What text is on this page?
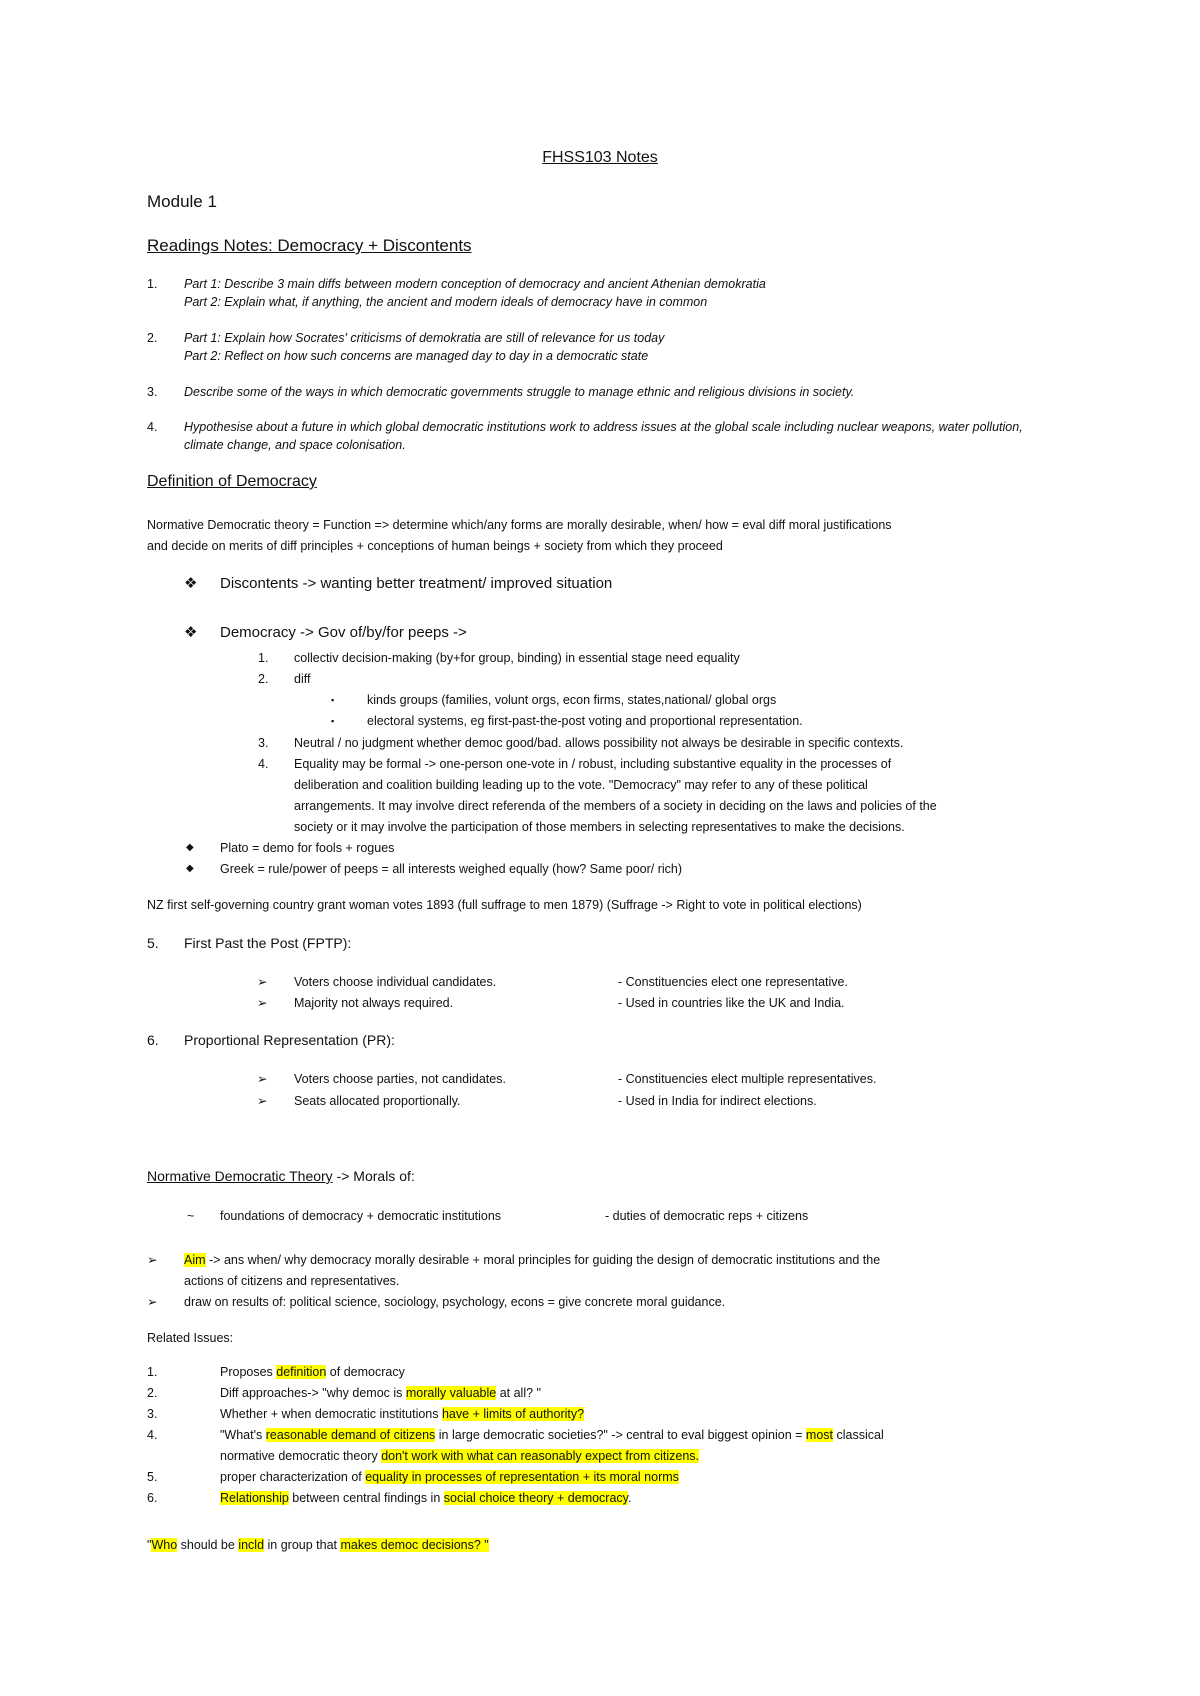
FHSS103 Notes
Module 1
Readings Notes: Democracy + Discontents
1. Part 1: Describe 3 main diffs between modern conception of democracy and ancient Athenian demokratia
Part 2: Explain what, if anything, the ancient and modern ideals of democracy have in common
2. Part 1: Explain how Socrates' criticisms of demokratia are still of relevance for us today
Part 2: Reflect on how such concerns are managed day to day in a democratic state
3. Describe some of the ways in which democratic governments struggle to manage ethnic and religious divisions in society.
4. Hypothesise about a future in which global democratic institutions work to address issues at the global scale including nuclear weapons, water pollution,
climate change, and space colonisation.
Definition of Democracy
Normative Democratic theory = Function => determine which/any forms are morally desirable, when/ how = eval diff moral justifications
and decide on merits of diff principles + conceptions of human beings + society from which they proceed
❖ Discontents -> wanting better treatment/ improved situation
❖ Democracy -> Gov of/by/for peeps ->
1. collectiv decision-making (by+for group, binding) in essential stage need equality
2. diff
▪	kinds groups (families, volunt orgs, econ firms, states,national/ global orgs
▪	electoral systems, eg first-past-the-post voting and proportional representation.
3. Neutral / no judgment whether democ good/bad. allows possibility not always be desirable in specific contexts.
4. Equality may be formal -> one-person one-vote in / robust, including substantive equality in the processes of
deliberation and coalition building leading up to the vote. "Democracy" may refer to any of these political
arrangements. It may involve direct referenda of the members of a society in deciding on the laws and policies of the
society or it may involve the participation of those members in selecting representatives to make the decisions.
◆ Plato = demo for fools + rogues
◆ Greek = rule/power of peeps = all interests weighed equally (how? Same poor/ rich)
NZ first self-governing country grant woman votes 1893 (full suffrage to men 1879) (Suffrage -> Right to vote in political elections)
5. First Past the Post (FPTP):
➢ Voters choose individual candidates.	- Constituencies elect one representative.
➢ Majority not always required.	- Used in countries like the UK and India.
6. Proportional Representation (PR):
➢ Voters choose parties, not candidates.	- Constituencies elect multiple representatives.
➢ Seats allocated proportionally.	- Used in India for indirect elections.
Normative Democratic Theory -> Morals of:
~ foundations of democracy + democratic institutions	- duties of democratic reps + citizens
➢ Aim -> ans when/ why democracy morally desirable + moral principles for guiding the design of democratic institutions and the
actions of citizens and representatives.
➢ draw on results of: political science, sociology, psychology, econs = give concrete moral guidance.
Related Issues:
1.	Proposes definition of democracy
2.	Diff approaches-> "why democ is morally valuable at all? "
3.	Whether + when democratic institutions have + limits of authority?
4.	"What's reasonable demand of citizens in large democratic societies?" -> central to eval biggest opinion = most classical
normative democratic theory don't work with what can reasonably expect from citizens.
5.	proper characterization of equality in processes of representation + its moral norms
6.	Relationship between central findings in social choice theory + democracy.
"Who should be incld in group that makes democ decisions? "
